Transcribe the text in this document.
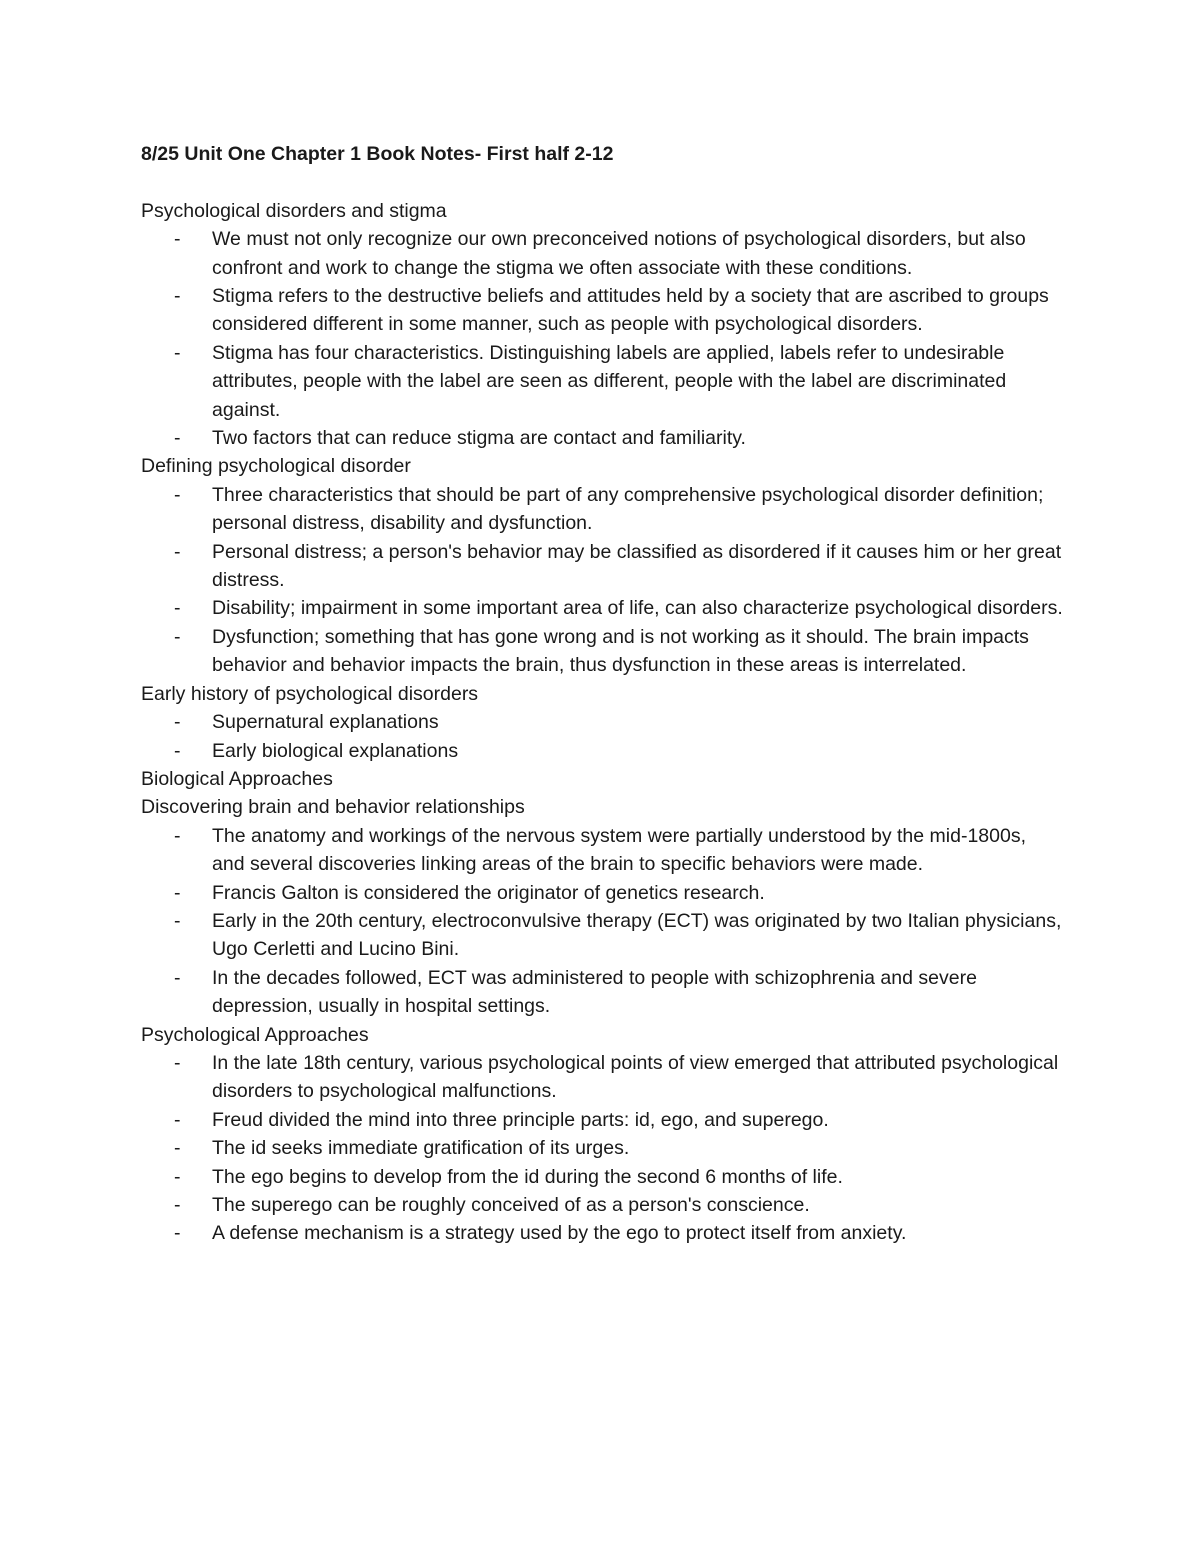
8/25 Unit One Chapter 1 Book Notes- First half 2-12

Psychological disorders and stigma

- We must not only recognize our own preconceived notions of psychological disorders, but also confront and work to change the stigma we often associate with these conditions.
- Stigma refers to the destructive beliefs and attitudes held by a society that are ascribed to groups considered different in some manner, such as people with psychological disorders.
- Stigma has four characteristics. Distinguishing labels are applied, labels refer to undesirable attributes, people with the label are seen as different, people with the label are discriminated against.
- Two factors that can reduce stigma are contact and familiarity.

Defining psychological disorder

- Three characteristics that should be part of any comprehensive psychological disorder definition; personal distress, disability and dysfunction.
- Personal distress; a person's behavior may be classified as disordered if it causes him or her great distress.
- Disability; impairment in some important area of life, can also characterize psychological disorders.
- Dysfunction; something that has gone wrong and is not working as it should. The brain impacts behavior and behavior impacts the brain, thus dysfunction in these areas is interrelated.

Early history of psychological disorders

- Supernatural explanations
- Early biological explanations

Biological Approaches

Discovering brain and behavior relationships

- The anatomy and workings of the nervous system were partially understood by the mid-1800s, and several discoveries linking areas of the brain to specific behaviors were made.
- Francis Galton is considered the originator of genetics research.
- Early in the 20th century, electroconvulsive therapy (ECT) was originated by two Italian physicians, Ugo Cerletti and Lucino Bini.
- In the decades followed, ECT was administered to people with schizophrenia and severe depression, usually in hospital settings.

Psychological Approaches

- In the late 18th century, various psychological points of view emerged that attributed psychological disorders to psychological malfunctions.
- Freud divided the mind into three principle parts: id, ego, and superego.
- The id seeks immediate gratification of its urges.
- The ego begins to develop from the id during the second 6 months of life.
- The superego can be roughly conceived of as a person's conscience.
- A defense mechanism is a strategy used by the ego to protect itself from anxiety.
